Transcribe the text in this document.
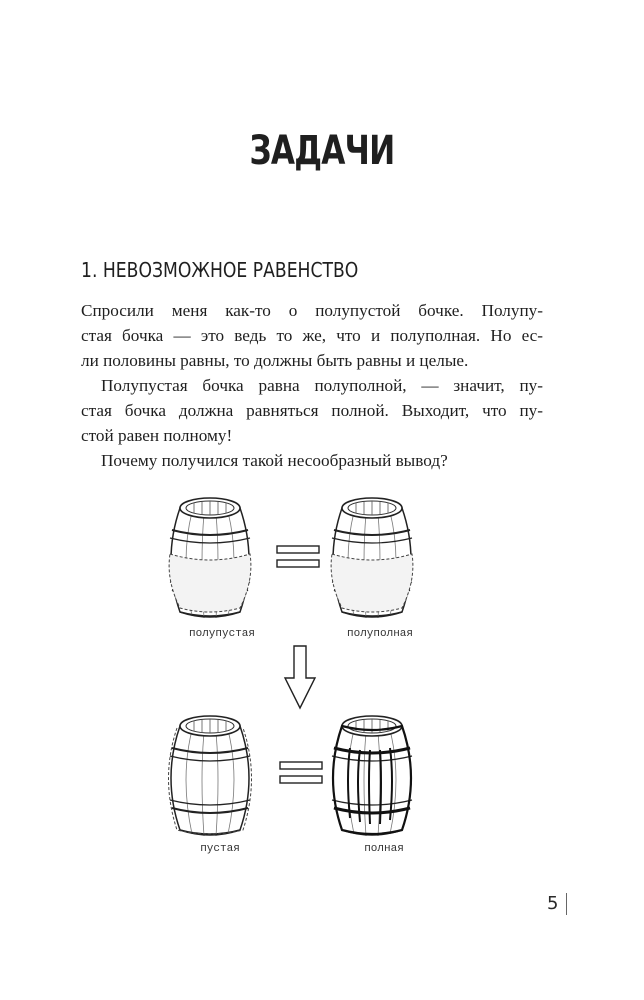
ЗАДАЧИ
1. НЕВОЗМОЖНОЕ РАВЕНСТВО
Спросили меня как-то о полупустой бочке. Полупу-
стая бочка — это ведь то же, что и полуполная. Но ес-
ли половины равны, то должны быть равны и целые.
Полупустая бочка равна полуполной, — значит, пу-
стая бочка должна равняться полной. Выходит, что пу-
стой равен полному!
Почему получился такой несообразный вывод?
полупустая	полуполная
пустая	полная
5
